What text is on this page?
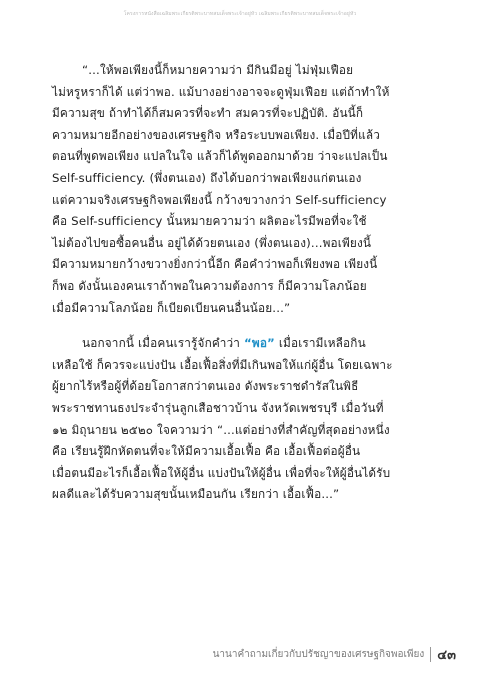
โครงการหนังสือเฉลิมพระเกียรติพระบาทสมเด็จพระเจ้าอยู่หัว เฉลิมพระเกียรติพระบาทสมเด็จพระเจ้าอยู่หัว
“...ให้พอเพียงนี้ก็หมายความว่า มีกินมีอยู่ ไม่ฟุ่มเฟือย
ไม่หรูหราก็ได้ แต่ว่าพอ. แม้บางอย่างอาจจะดูฟุ่มเฟือย แต่ถ้าทำให้
มีความสุข ถ้าทำได้ก็สมควรที่จะทำ สมควรที่จะปฏิบัติ. อันนี้ก็
ความหมายอีกอย่างของเศรษฐกิจ หรือระบบพอเพียง. เมื่อปีที่แล้ว
ตอนที่พูดพอเพียง แปลในใจ แล้วก็ได้พูดออกมาด้วย ว่าจะแปลเป็น
Self-sufficiency. (พึ่งตนเอง) ถึงได้บอกว่าพอเพียงแก่ตนเอง
แต่ความจริงเศรษฐกิจพอเพียงนี้ กว้างขวางกว่า Self-sufficiency
คือ Self-sufficiency นั้นหมายความว่า ผลิตอะไรมีพอที่จะใช้
ไม่ต้องไปขอซื้อคนอื่น อยู่ได้ด้วยตนเอง (พึ่งตนเอง)...พอเพียงนี้
มีความหมายกว้างขวางยิ่งกว่านี้อีก คือคำว่าพอก็เพียงพอ เพียงนี้
ก็พอ ดังนั้นเองคนเราถ้าพอในความต้องการ ก็มีความโลภน้อย
เมื่อมีความโลภน้อย ก็เบียดเบียนคนอื่นน้อย...”
นอกจากนี้ เมื่อคนเรารู้จักคำว่า “พอ” เมื่อเรามีเหลือกิน
เหลือใช้ ก็ควรจะแบ่งปัน เอื้อเฟื้อสิ่งที่มีเกินพอให้แก่ผู้อื่น โดยเฉพาะ
ผู้ยากไร้หรือผู้ที่ด้อยโอกาสกว่าตนเอง ดังพระราชดำรัสในพิธี
พระราชทานธงประจำรุ่นลูกเสือชาวบ้าน จังหวัดเพชรบุรี เมื่อวันที่
๑๒ มิถุนายน ๒๕๒๐ ใจความว่า “...แต่อย่างที่สำคัญที่สุดอย่างหนึ่ง
คือ เรียนรู้ฝึกหัดตนที่จะให้มีความเอื้อเฟื้อ คือ เอื้อเฟื้อต่อผู้อื่น
เมื่อตนมีอะไรก็เอื้อเฟื้อให้ผู้อื่น แบ่งปันให้ผู้อื่น เพื่อที่จะให้ผู้อื่นได้รับ
ผลดีและได้รับความสุขนั้นเหมือนกัน เรียกว่า เอื้อเฟื้อ...”
นานาคำถามเกี่ยวกับปรัชญาของเศรษฐกิจพอเพียง ๔๓
